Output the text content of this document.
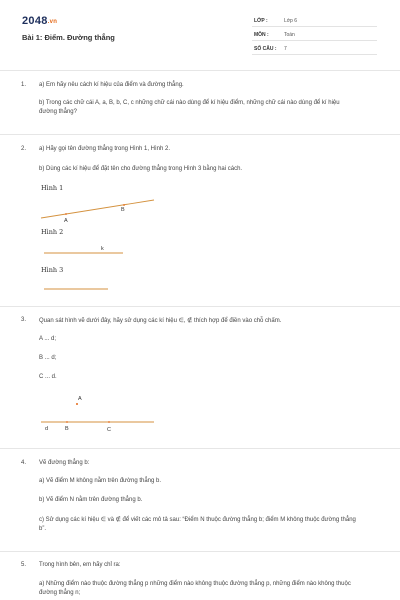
2048.vn
Bài 1: Điểm. Đường thẳng
LỚP :	Lớp 6
MÔN :	Toán
SỐ CÂU : 7
1. a) Em hãy nêu cách kí hiệu của điểm và đường thẳng.
b) Trong các chữ cái A, a, B, b, C, c những chữ cái nào dùng để kí hiệu điểm, những chữ cái nào dùng để kí hiệu đường thẳng?
2. a) Hãy gọi tên đường thẳng trong Hình 1, Hình 2.
b) Dùng các kí hiệu để đặt tên cho đường thẳng trong Hình 3 bằng hai cách.
Hình 1
A
B
Hình 2
k
Hình 3
3. Quan sát hình vẽ dưới đây, hãy sử dụng các kí hiệu ∈, ∉ thích hợp để điền vào chỗ chấm.
A ... d;
B ... d;
C ... d.
A
d	B	C
4. Vẽ đường thẳng b:
a) Vẽ điểm M không nằm trên đường thẳng b.
b) Vẽ điểm N nằm trên đường thẳng b.
c) Sử dụng các kí hiệu ∈ và ∉ để viết các mô tả sau: “Điểm N thuộc đường thẳng b; điểm M không thuộc đường thẳng b”.
5. Trong hình bên, em hãy chỉ ra:
a) Những điểm nào thuộc đường thẳng p những điểm nào không thuộc đường thẳng p, những điểm nào không thuộc đường thẳng n;
